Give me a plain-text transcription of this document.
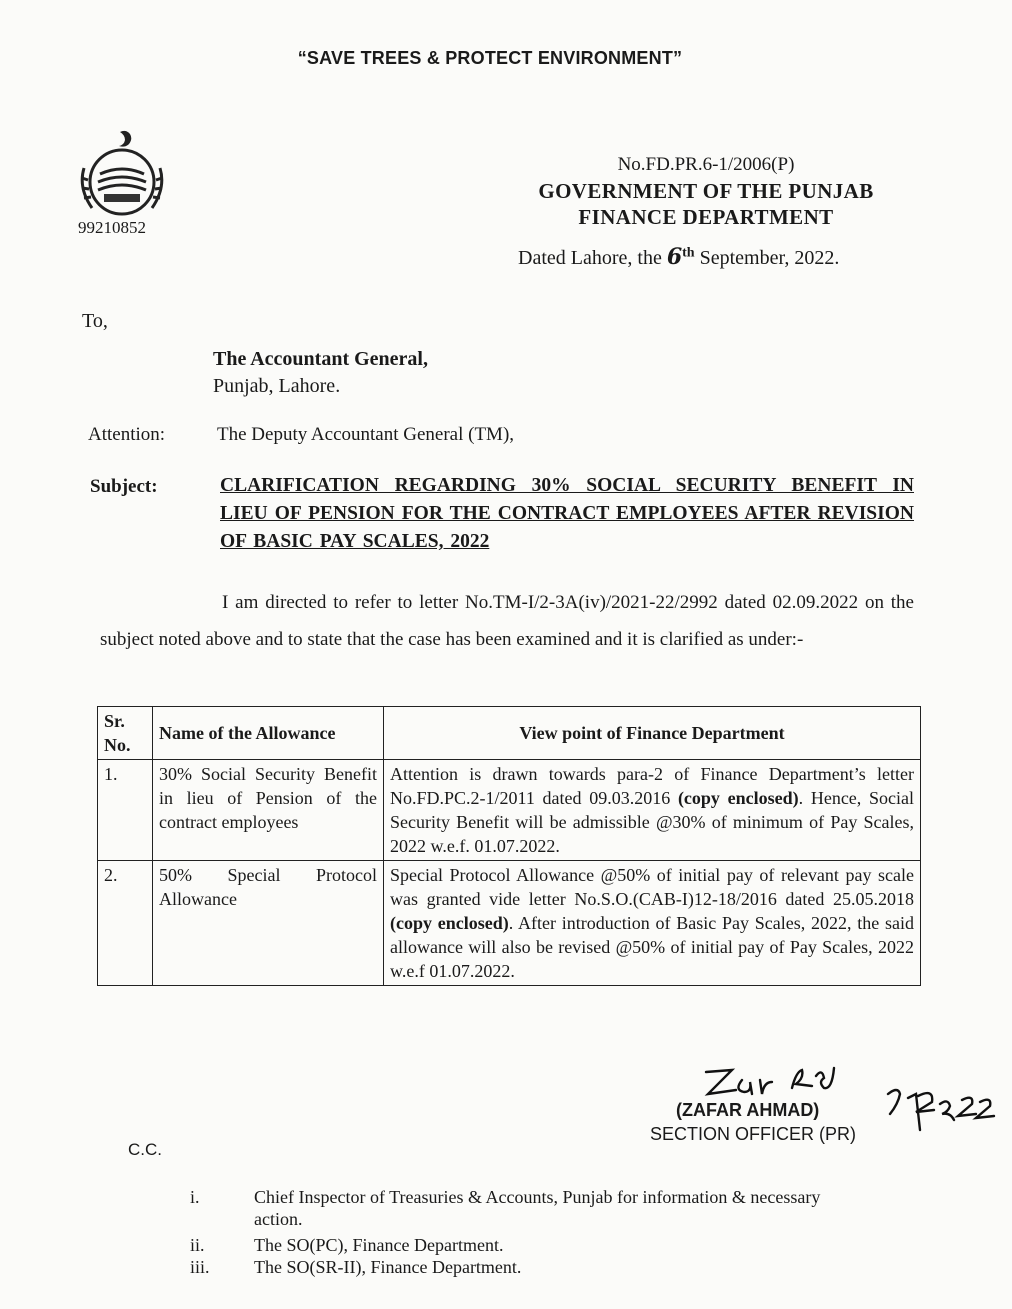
“SAVE TREES & PROTECT ENVIRONMENT”
99210852
No.FD.PR.6-1/2006(P)
GOVERNMENT OF THE PUNJAB
FINANCE DEPARTMENT
Dated Lahore, the 6th September, 2022.
To,
The Accountant General,
Punjab, Lahore.
Attention:	The Deputy Accountant General (TM),
Subject:	CLARIFICATION REGARDING 30% SOCIAL SECURITY BENEFIT IN LIEU OF PENSION FOR THE CONTRACT EMPLOYEES AFTER REVISION OF BASIC PAY SCALES, 2022
I am directed to refer to letter No.TM-I/2-3A(iv)/2021-22/2992 dated 02.09.2022 on the subject noted above and to state that the case has been examined and it is clarified as under:-
Sr. No.	Name of the Allowance	View point of Finance Department
1.	30% Social Security Benefit in lieu of Pension of the contract employees	Attention is drawn towards para-2 of Finance Department’s letter No.FD.PC.2-1/2011 dated 09.03.2016 (copy enclosed). Hence, Social Security Benefit will be admissible @30% of minimum of Pay Scales, 2022 w.e.f. 01.07.2022.
2.	50% Special Protocol Allowance	Special Protocol Allowance @50% of initial pay of relevant pay scale was granted vide letter No.S.O.(CAB-I)12-18/2016 dated 25.05.2018 (copy enclosed). After introduction of Basic Pay Scales, 2022, the said allowance will also be revised @50% of initial pay of Pay Scales, 2022 w.e.f 01.07.2022.
(ZAFAR AHMAD)
SECTION OFFICER (PR)
C.C.
i.	Chief Inspector of Treasuries & Accounts, Punjab for information & necessary action.
ii.	The SO(PC), Finance Department.
iii.	The SO(SR-II), Finance Department.
